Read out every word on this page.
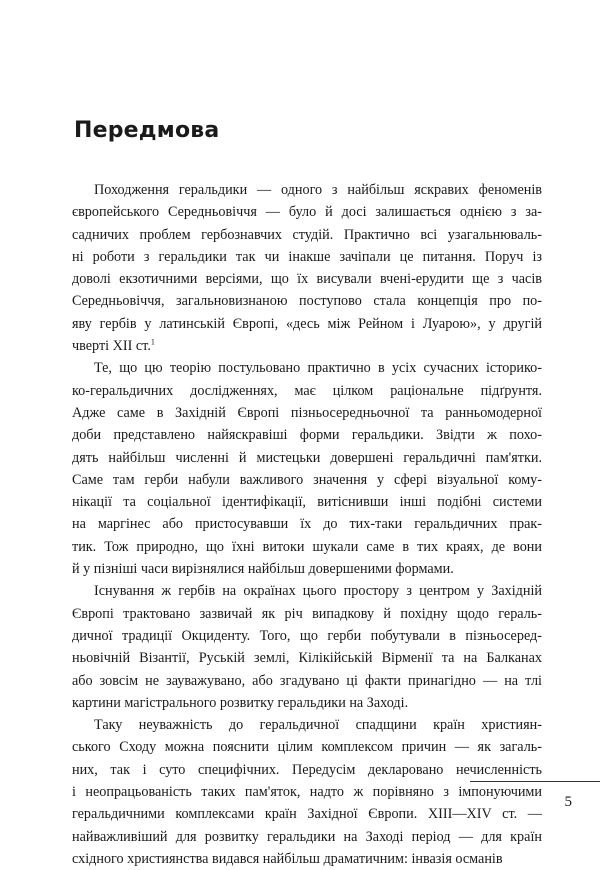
Передмова

Походження геральдики — одного з найбільш яскравих феноменів
європейського Середньовіччя — було й досі залишається однією з за-
садничих проблем гербознавчих студій. Практично всі узагальнюваль-
ні роботи з геральдики так чи інакше зачіпали це питання. Поруч із
доволі екзотичними версіями, що їх висували вчені-ерудити ще з часів
Середньовіччя, загальновизнаною поступово стала концепція про по-
яву гербів у латинській Європі, «десь між Рейном і Луарою», у другій
чверті XII ст.$^1$

Те, що цю теорію постульовано практично в усіх сучасних історико-
ко-геральдичних дослідженнях, має цілком раціональне підґрунтя.
Адже саме в Західній Європі пізньосередньочної та ранньомодерної
доби представлено найяскравіші форми геральдики. Звідти ж похо-
дять найбільш численні й мистецьки довершені геральдичні пам'ятки.
Саме там герби набули важливого значення у сфері візуальної кому-
нікації та соціальної ідентифікації, витіснивши інші подібні системи
на маргінес або пристосувавши їх до тих-таки геральдичних прак-
тик. Тож природно, що їхні витоки шукали саме в тих краях, де вони
й у пізніші часи вирізнялися найбільш довершеними формами.

Існування ж гербів на окраїнах цього простору з центром у Західній
Європі трактовано зазвичай як річ випадкову й похідну щодо гераль-
дичної традиції Окциденту. Того, що герби побутували в пізньосеред-
ньовічній Візантії, Руській землі, Кілікійській Вірменії та на Балканах
або зовсім не зауважувано, або згадувано ці факти принагідно — на тлі
картини магістрального розвитку геральдики на Заході.

Таку неуважність до геральдичної спадщини країн християн-
ського Сходу можна пояснити цілим комплексом причин — як загаль-
них, так і суто специфічних. Передусім декларовано нечисленність
і неопрацьованість таких пам'яток, надто ж порівняно з імпонуючими
геральдичними комплексами країн Західної Європи. XIII—XIV ст. —
найважливіший для розвитку геральдики на Заході період — для країн
східного християнства видався найбільш драматичним: інвазія османів

5
